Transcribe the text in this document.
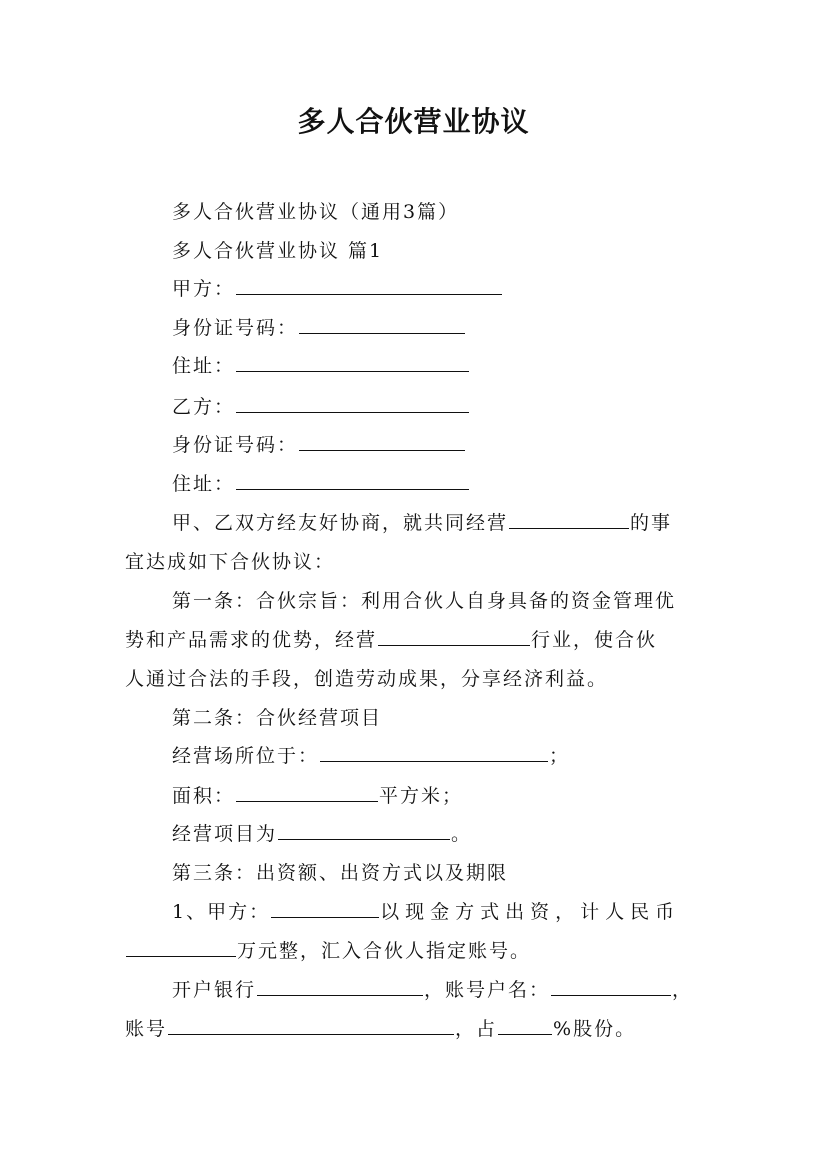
多人合伙营业协议
多人合伙营业协议（通用3篇）
多人合伙营业协议 篇1
甲方：
身份证号码：
住址：
乙方：
身份证号码：
住址：
甲、乙双方经友好协商，就共同经营	的事
宜达成如下合伙协议：
第一条：合伙宗旨：利用合伙人自身具备的资金管理优
势和产品需求的优势，经营	行业，使合伙
人通过合法的手段，创造劳动成果，分享经济利益。
第二条：合伙经营项目
经营场所位于：	；
面积：	平方米；
经营项目为	。
第三条：出资额、出资方式以及期限
1、甲方：	以现金方式出资，计人民币
万元整，汇入合伙人指定账号。
开户银行	，账号户名：	，
账号	，占	%股份。
